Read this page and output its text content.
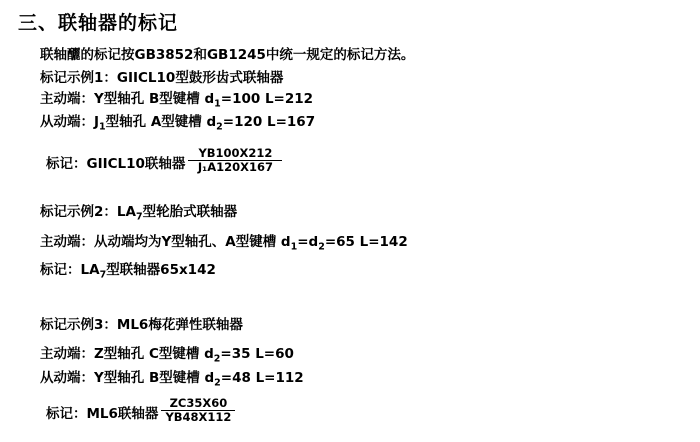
三、联轴器的标记
联轴釃的标记按GB3852和GB1245中统一规定的标记方法。
标记示例1：GIICL10型鼓形齿式联轴器
主动端：Y型轴孔 B型键槽 $d_1=100$ L=212
从动端：$J_1$型轴孔 A型键槽 $d_2=120$ L=167
标记：GIICL10联轴器 $\frac{YB100X212}{\text{J₁A120X167}}$
标记示例2：$LA_7$型轮胎式联轴器
主动端：从动端均为Y型轴孔、A型键槽 $d_1=d_2=65$ L=142
标记：$LA_7$型联轴器65x142
标记示例3：ML6梅花弹性联轴器
主动端：Z型轴孔 C型键槽 $d_2=35$ L=60
从动端：Y型轴孔 B型键槽 $d_2=48$ L=112
标记：ML6联轴器 $\frac{ZC35X60}{YB48X112}$
